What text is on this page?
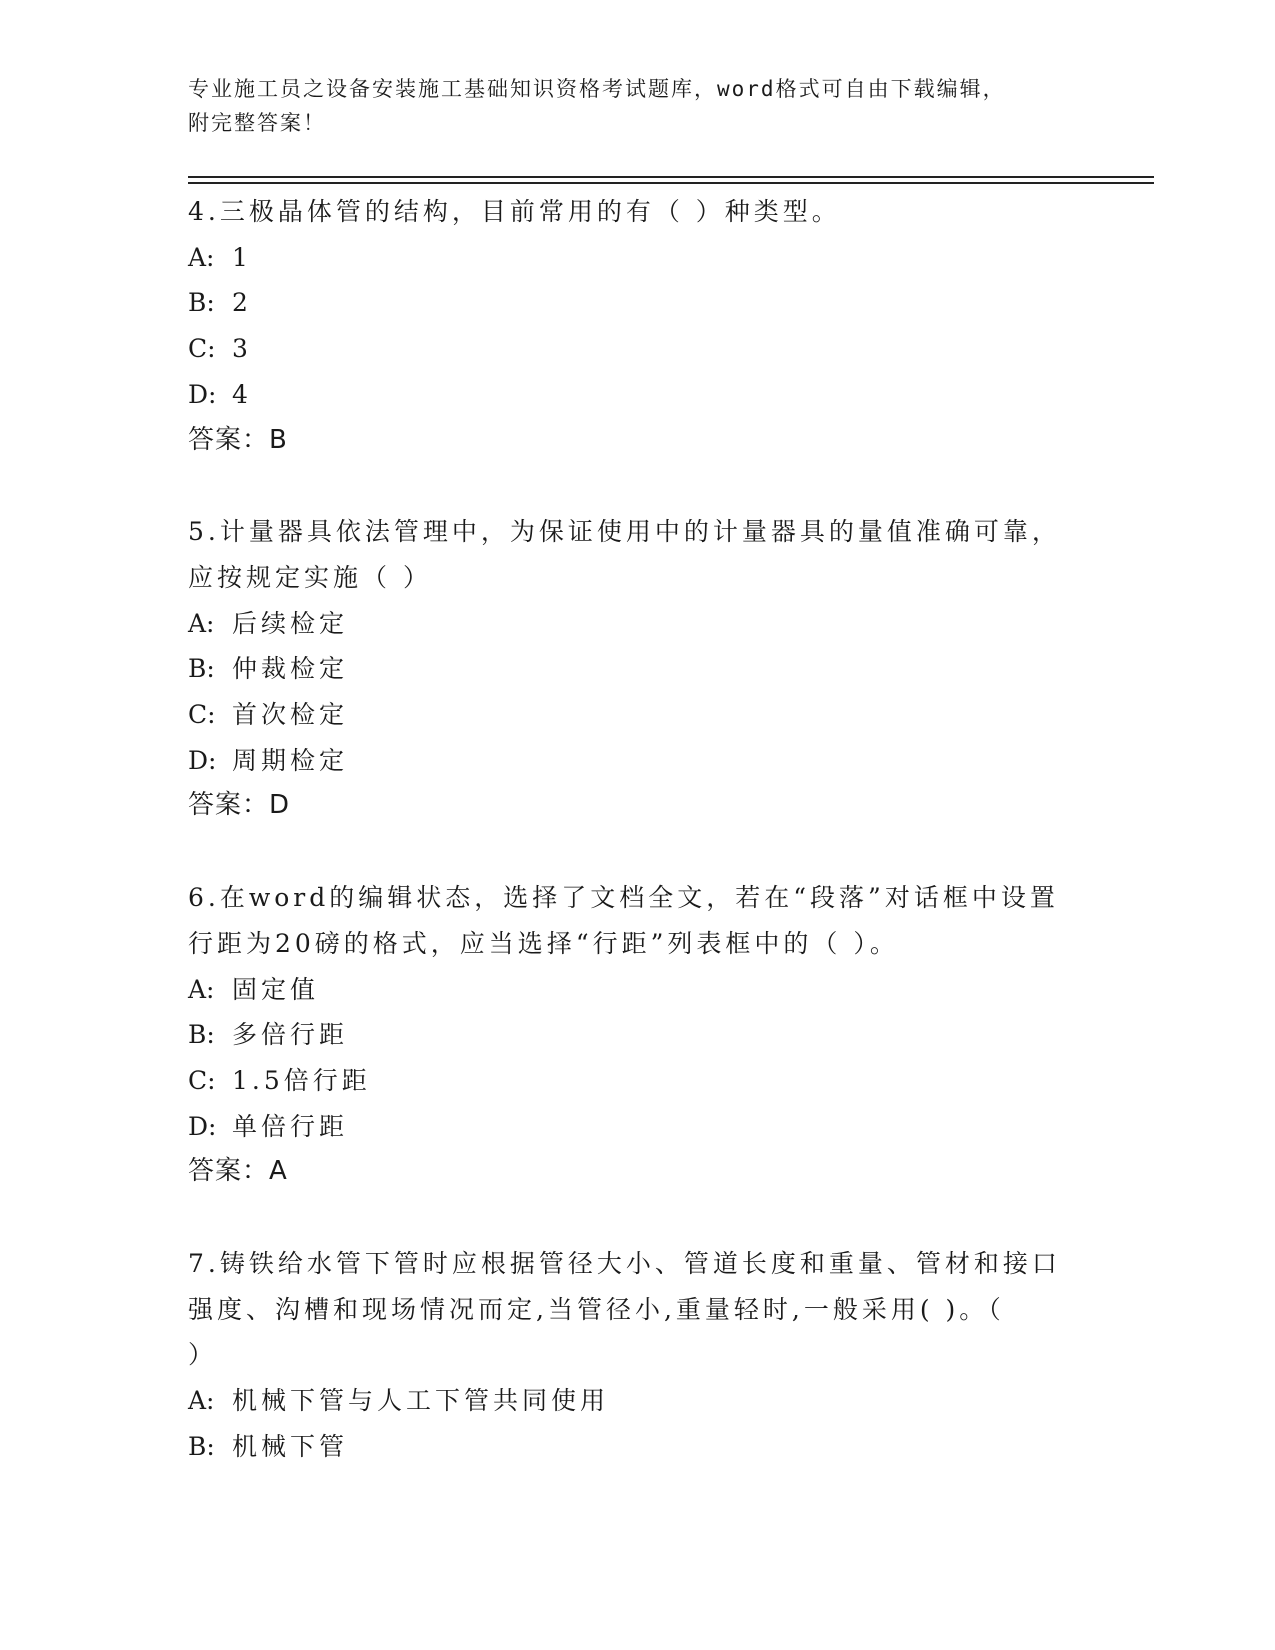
专业施工员之设备安装施工基础知识资格考试题库，word格式可自由下载编辑，
附完整答案！
4.三极晶体管的结构，目前常用的有（ ）种类型。
A: 1
B: 2
C: 3
D: 4
答案：B
5.计量器具依法管理中，为保证使用中的计量器具的量值准确可靠，
应按规定实施（ ）
A: 后续检定
B: 仲裁检定
C: 首次检定
D: 周期检定
答案：D
6.在word的编辑状态，选择了文档全文，若在“段落”对话框中设置
行距为20磅的格式，应当选择“行距”列表框中的（ ）。
A: 固定值
B: 多倍行距
C: 1.5倍行距
D: 单倍行距
答案：A
7.铸铁给水管下管时应根据管径大小、管道长度和重量、管材和接口
强度、沟槽和现场情况而定,当管径小,重量轻时,一般采用( )。（
）
A: 机械下管与人工下管共同使用
B: 机械下管
